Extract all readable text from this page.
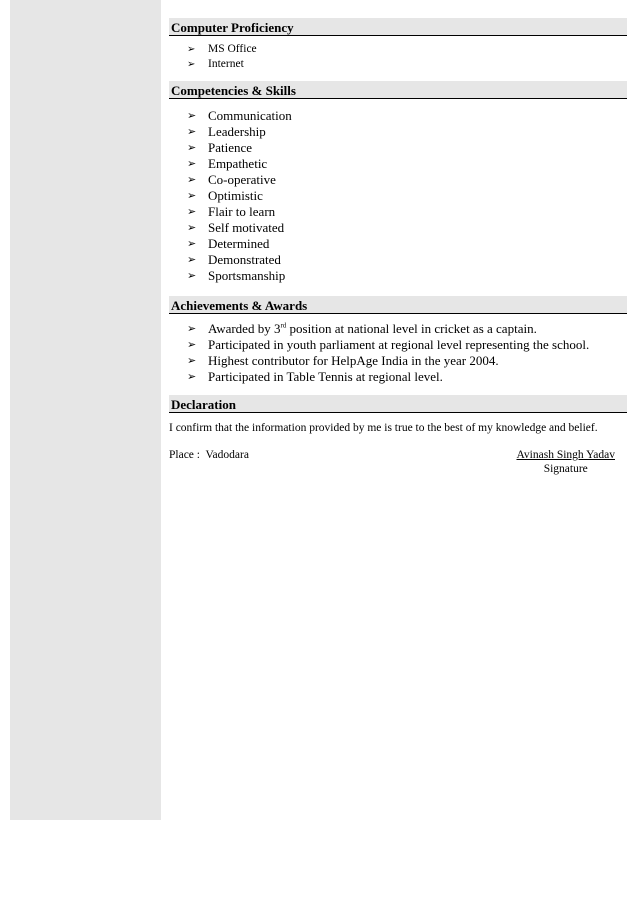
Computer Proficiency
➢ MS Office
➢ Internet
Competencies & Skills
➢ Communication
➢ Leadership
➢ Patience
➢ Empathetic
➢ Co-operative
➢ Optimistic
➢ Flair to learn
➢ Self motivated
➢ Determined
➢ Demonstrated
➢ Sportsmanship
Achievements & Awards
➢ Awarded by 3rd position at national level in cricket as a captain.
➢ Participated in youth parliament at regional level representing the school.
➢ Highest contributor for HelpAge India in the year 2004.
➢ Participated in Table Tennis at regional level.
Declaration

I confirm that the information provided by me is true to the best of my knowledge and belief.

Place : Vadodara	Avinash Singh Yadav
Signature
